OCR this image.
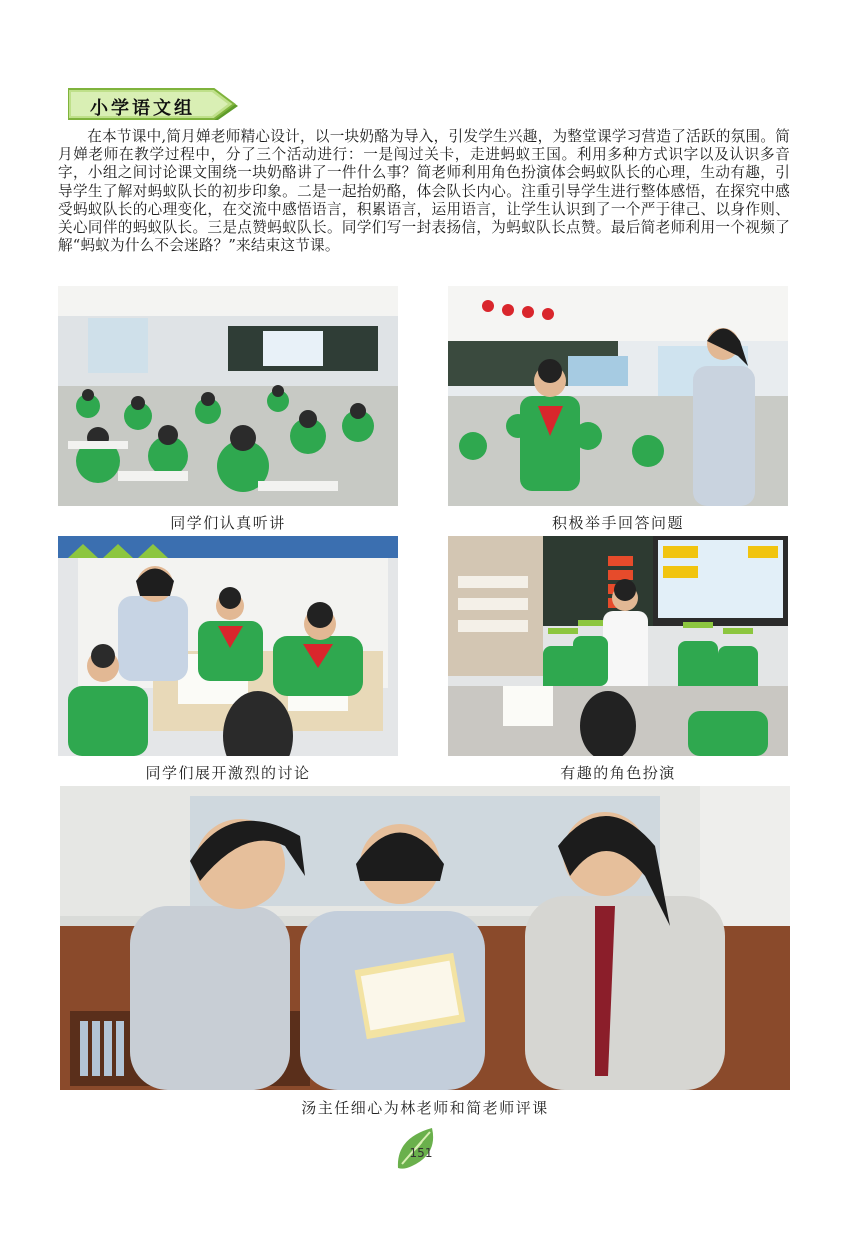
小学语文组

在本节课中,简月婵老师精心设计，以一块奶酪为导入，引发学生兴趣，为整堂课学习营造了活跃的氛围。简月婵老师在教学过程中，分了三个活动进行：一是闯过关卡，走进蚂蚁王国。利用多种方式识字以及认识多音字，小组之间讨论课文围绕一块奶酪讲了一件什么事？简老师利用角色扮演体会蚂蚁队长的心理，生动有趣，引导学生了解对蚂蚁队长的初步印象。二是一起抬奶酪，体会队长内心。注重引导学生进行整体感悟，在探究中感受蚂蚁队长的心理变化，在交流中感悟语言，积累语言，运用语言，让学生认识到了一个严于律己、以身作则、关心同伴的蚂蚁队长。三是点赞蚂蚁队长。同学们写一封表扬信，为蚂蚁队长点赞。最后简老师利用一个视频了解“蚂蚁为什么不会迷路？”来结束这节课。

同学们认真听讲	积极举手回答问题
同学们展开激烈的讨论	有趣的角色扮演
汤主任细心为林老师和简老师评课
151
